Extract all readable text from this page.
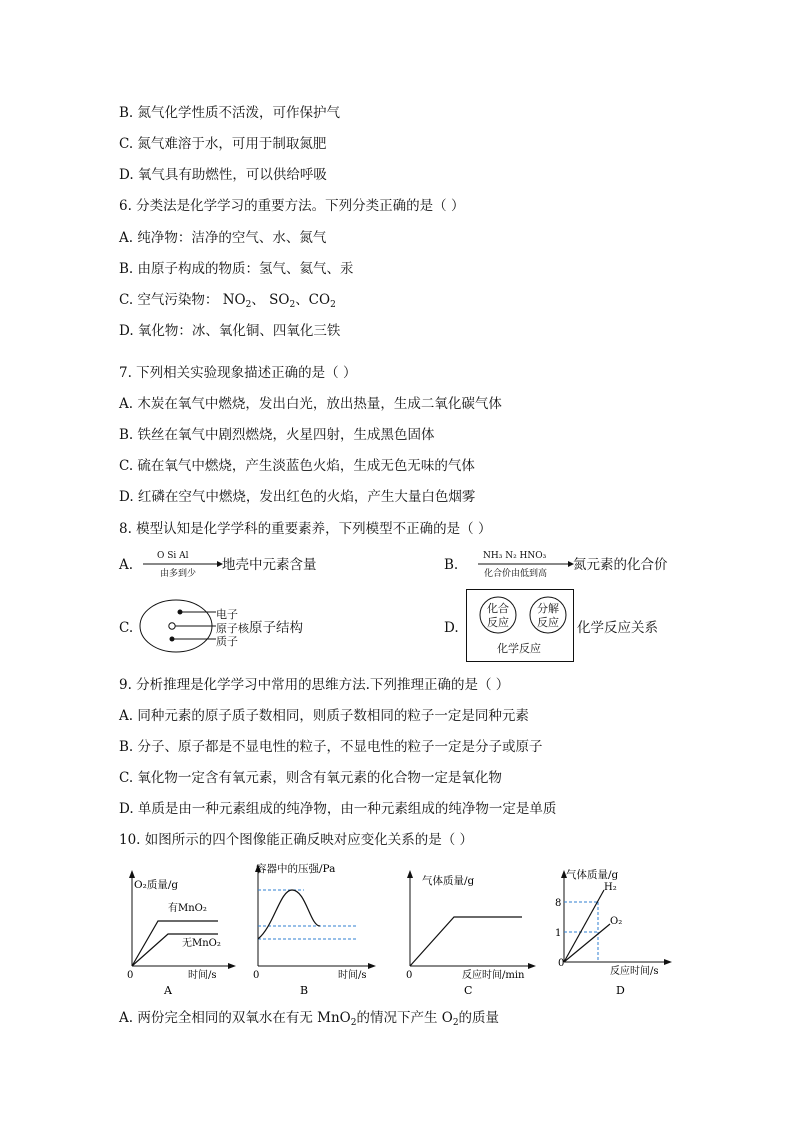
B. 氮气化学性质不活泼，可作保护气
C. 氮气难溶于水，可用于制取氮肥
D. 氧气具有助燃性，可以供给呼吸
6. 分类法是化学学习的重要方法。下列分类正确的是（ ）
A. 纯净物：洁净的空气、水、氮气
B. 由原子构成的物质：氢气、氦气、汞
C. 空气污染物： $NO_2$、 $SO_2$、$CO_2$
D. 氧化物：冰、氧化铜、四氧化三铁
7. 下列相关实验现象描述正确的是（ ）
A. 木炭在氧气中燃烧，发出白光，放出热量，生成二氧化碳气体
B. 铁丝在氧气中剧烈燃烧，火星四射，生成黑色固体
C. 硫在氧气中燃烧，产生淡蓝色火焰，生成无色无味的气体
D. 红磷在空气中燃烧，发出红色的火焰，产生大量白色烟雾
8. 模型认知是化学学科的重要素养，下列模型不正确的是（ ）
A.
O Si Al
由多到少
地壳中元素含量	B.
NH₃ N₂ HNO₃
化合价由低到高
氮元素的化合价
C.
电子
原子核
质子
原子结构	D.
化合
反应
分解
反应
化学反应
化学反应关系
9. 分析推理是化学学习中常用的思维方法.下列推理正确的是（ ）
A. 同种元素的原子质子数相同，则质子数相同的粒子一定是同种元素
B. 分子、原子都是不显电性的粒子，不显电性的粒子一定是分子或原子
C. 氧化物一定含有氧元素，则含有氧元素的化合物一定是氧化物
D. 单质是由一种元素组成的纯净物，由一种元素组成的纯净物一定是单质
10. 如图所示的四个图像能正确反映对应变化关系的是（ ）
O₂质量/g
有MnO₂
无MnO₂
0	时间/s
A
容器中的压强/Pa
0	时间/s
B
气体质量/g
0	反应时间/min
C
气体质量/g
H₂
O₂
8
1
0
反应时间/s
D
A. 两份完全相同的双氧水在有无 MnO$_2$的情况下产生 $O_2$的质量
